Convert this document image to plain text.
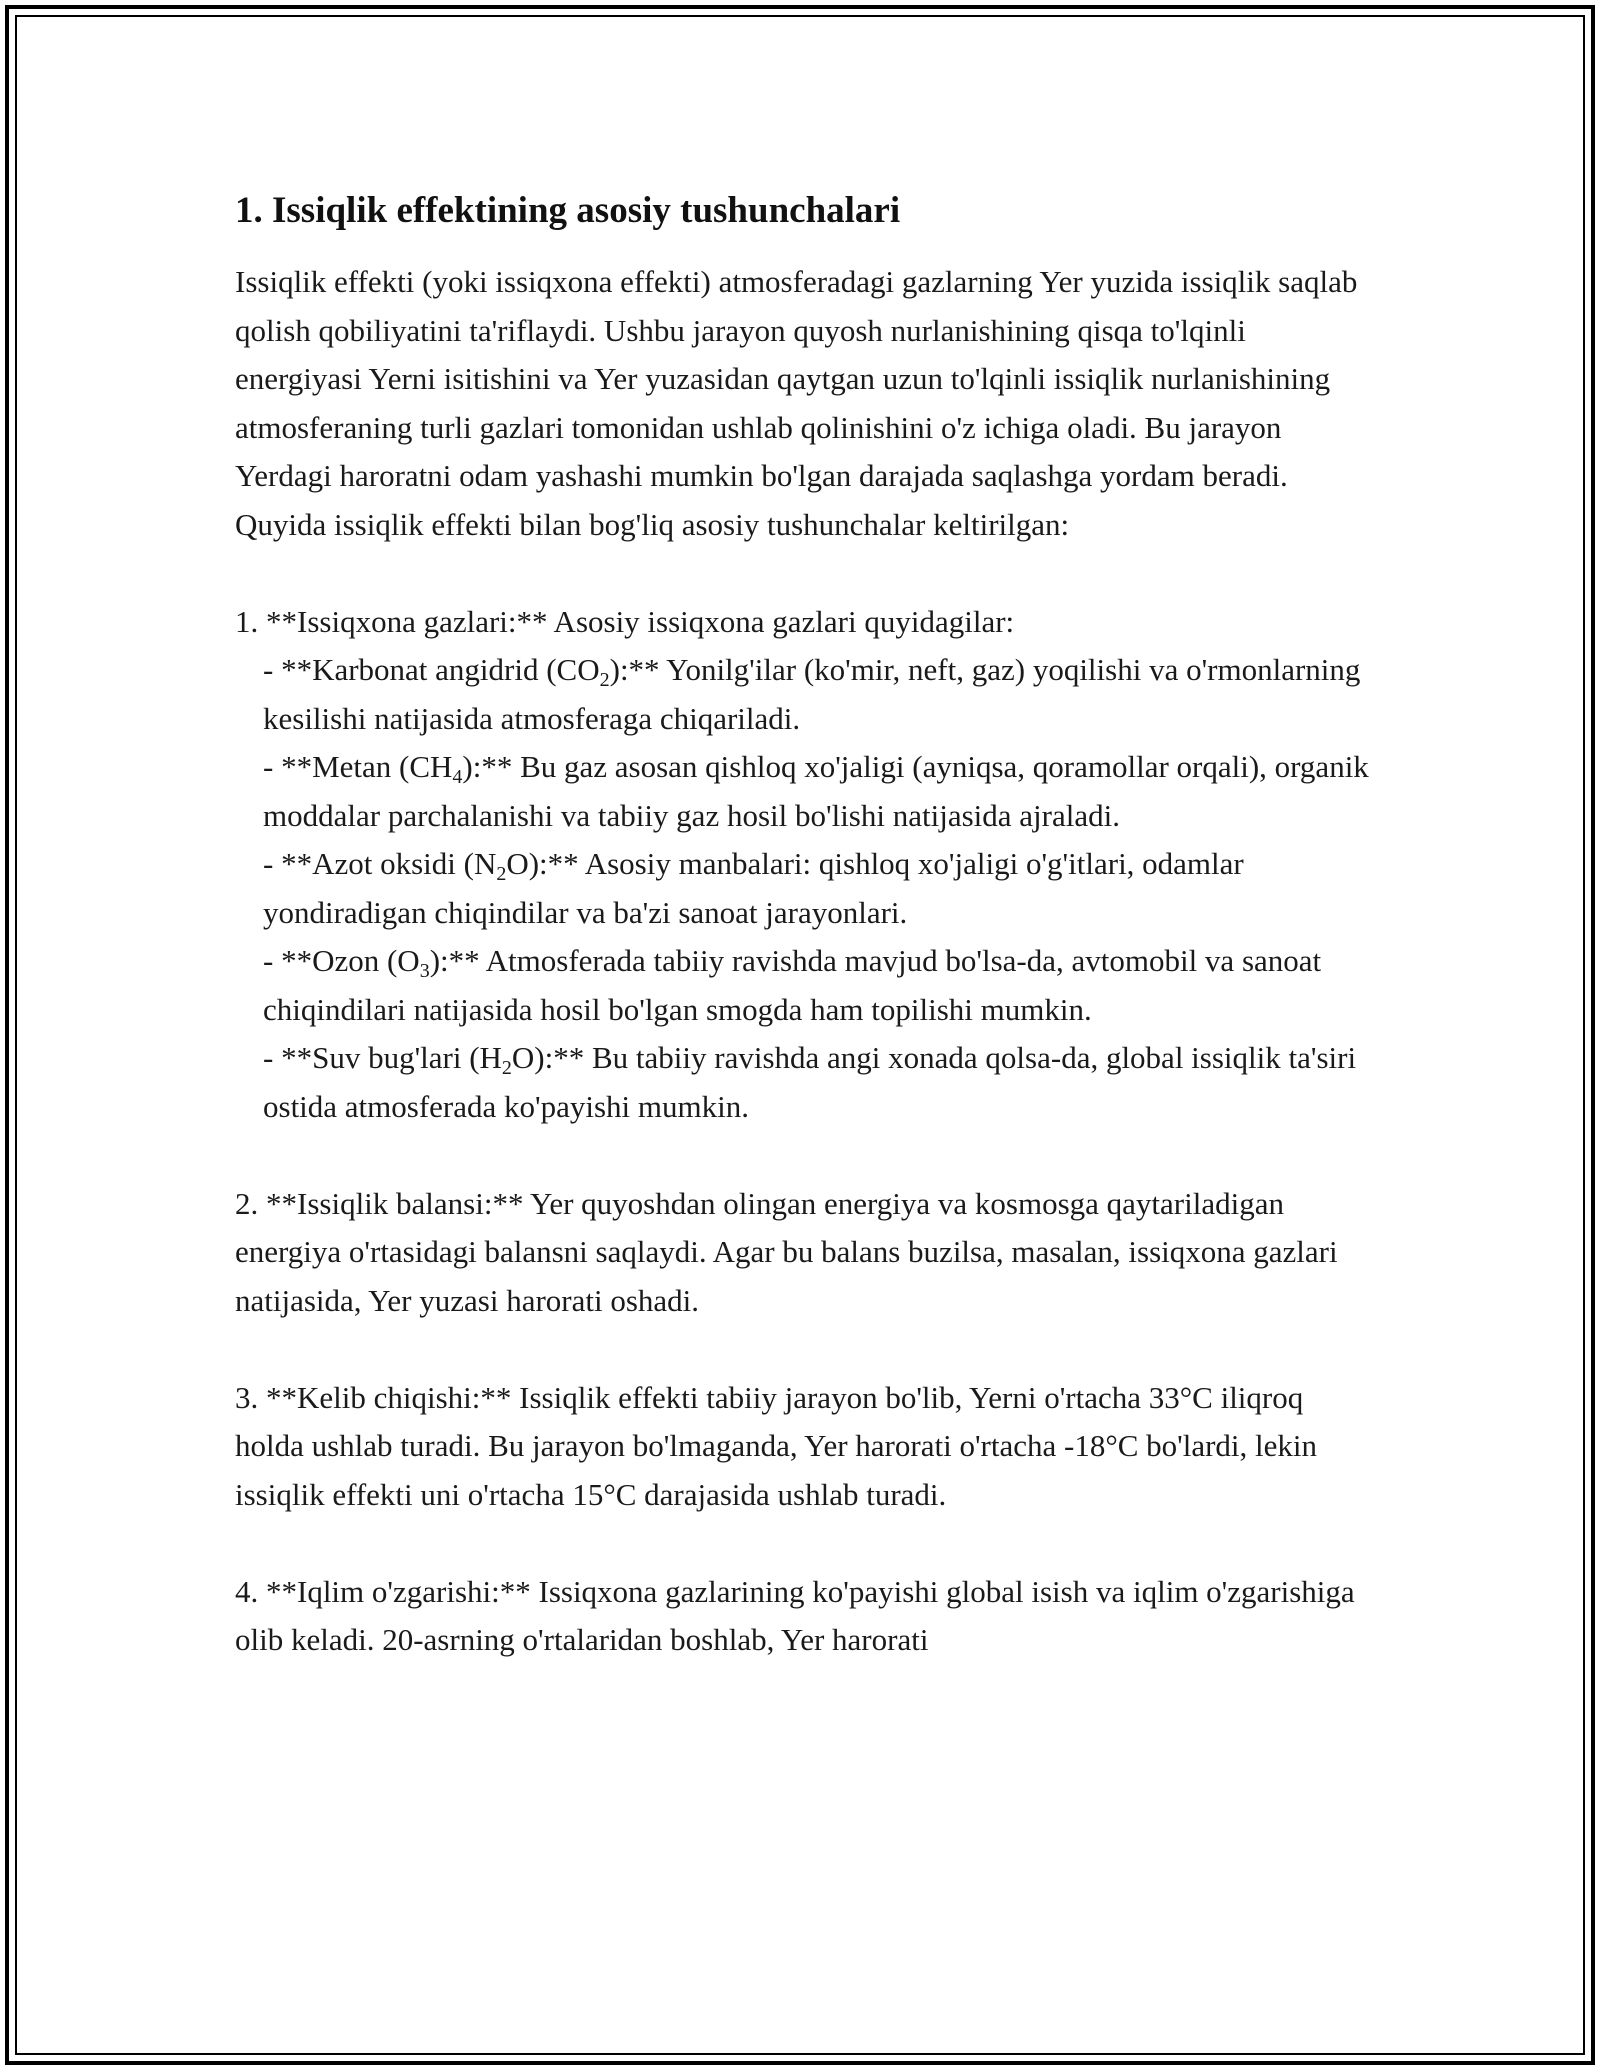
1. Issiqlik effektining asosiy tushunchalari

Issiqlik effekti (yoki issiqxona effekti) atmosferadagi gazlarning Yer yuzida issiqlik saqlab qolish qobiliyatini ta'riflaydi. Ushbu jarayon quyosh nurlanishining qisqa to'lqinli energiyasi Yerni isitishini va Yer yuzasidan qaytgan uzun to'lqinli issiqlik nurlanishining atmosferaning turli gazlari tomonidan ushlab qolinishini o'z ichiga oladi. Bu jarayon Yerdagi haroratni odam yashashi mumkin bo'lgan darajada saqlashga yordam beradi. Quyida issiqlik effekti bilan bog'liq asosiy tushunchalar keltirilgan:

1. **Issiqxona gazlari:** Asosiy issiqxona gazlari quyidagilar:

- **Karbonat angidrid $(CO_2):**$ Yonilg'ilar (ko'mir, neft, gaz) yoqilishi va o'rmonlarning kesilishi natijasida atmosferaga chiqariladi.

- **Metan $(CH_4):**$ Bu gaz asosan qishloq xo'jaligi (ayniqsa, qoramollar orqali), organik moddalar parchalanishi va tabiiy gaz hosil bo'lishi natijasida ajraladi.

- **Azot oksidi $(N_2O):**$ Asosiy manbalari: qishloq xo'jaligi o'g'itlari, odamlar yondiradigan chiqindilar va ba'zi sanoat jarayonlari.

- **Ozon $(O_3):**$ Atmosferada tabiiy ravishda mavjud bo'lsa-da, avtomobil va sanoat chiqindilari natijasida hosil bo'lgan smogda ham topilishi mumkin.

- **Suv bug'lari $(H_2O):**$ Bu tabiiy ravishda angi xonada qolsa-da, global issiqlik ta'siri ostida atmosferada ko'payishi mumkin.

2. **Issiqlik balansi:** Yer quyoshdan olingan energiya va kosmosga qaytariladigan energiya o'rtasidagi balansni saqlaydi. Agar bu balans buzilsa, masalan, issiqxona gazlari natijasida, Yer yuzasi harorati oshadi.

3. **Kelib chiqishi:** Issiqlik effekti tabiiy jarayon bo'lib, Yerni o'rtacha 33°C iliqroq holda ushlab turadi. Bu jarayon bo'lmaganda, Yer harorati o'rtacha -18°C bo'lardi, lekin issiqlik effekti uni o'rtacha 15°C darajasida ushlab turadi.

4. **Iqlim o'zgarishi:** Issiqxona gazlarining ko'payishi global isish va iqlim o'zgarishiga olib keladi. 20-asrning o'rtalaridan boshlab, Yer harorati
